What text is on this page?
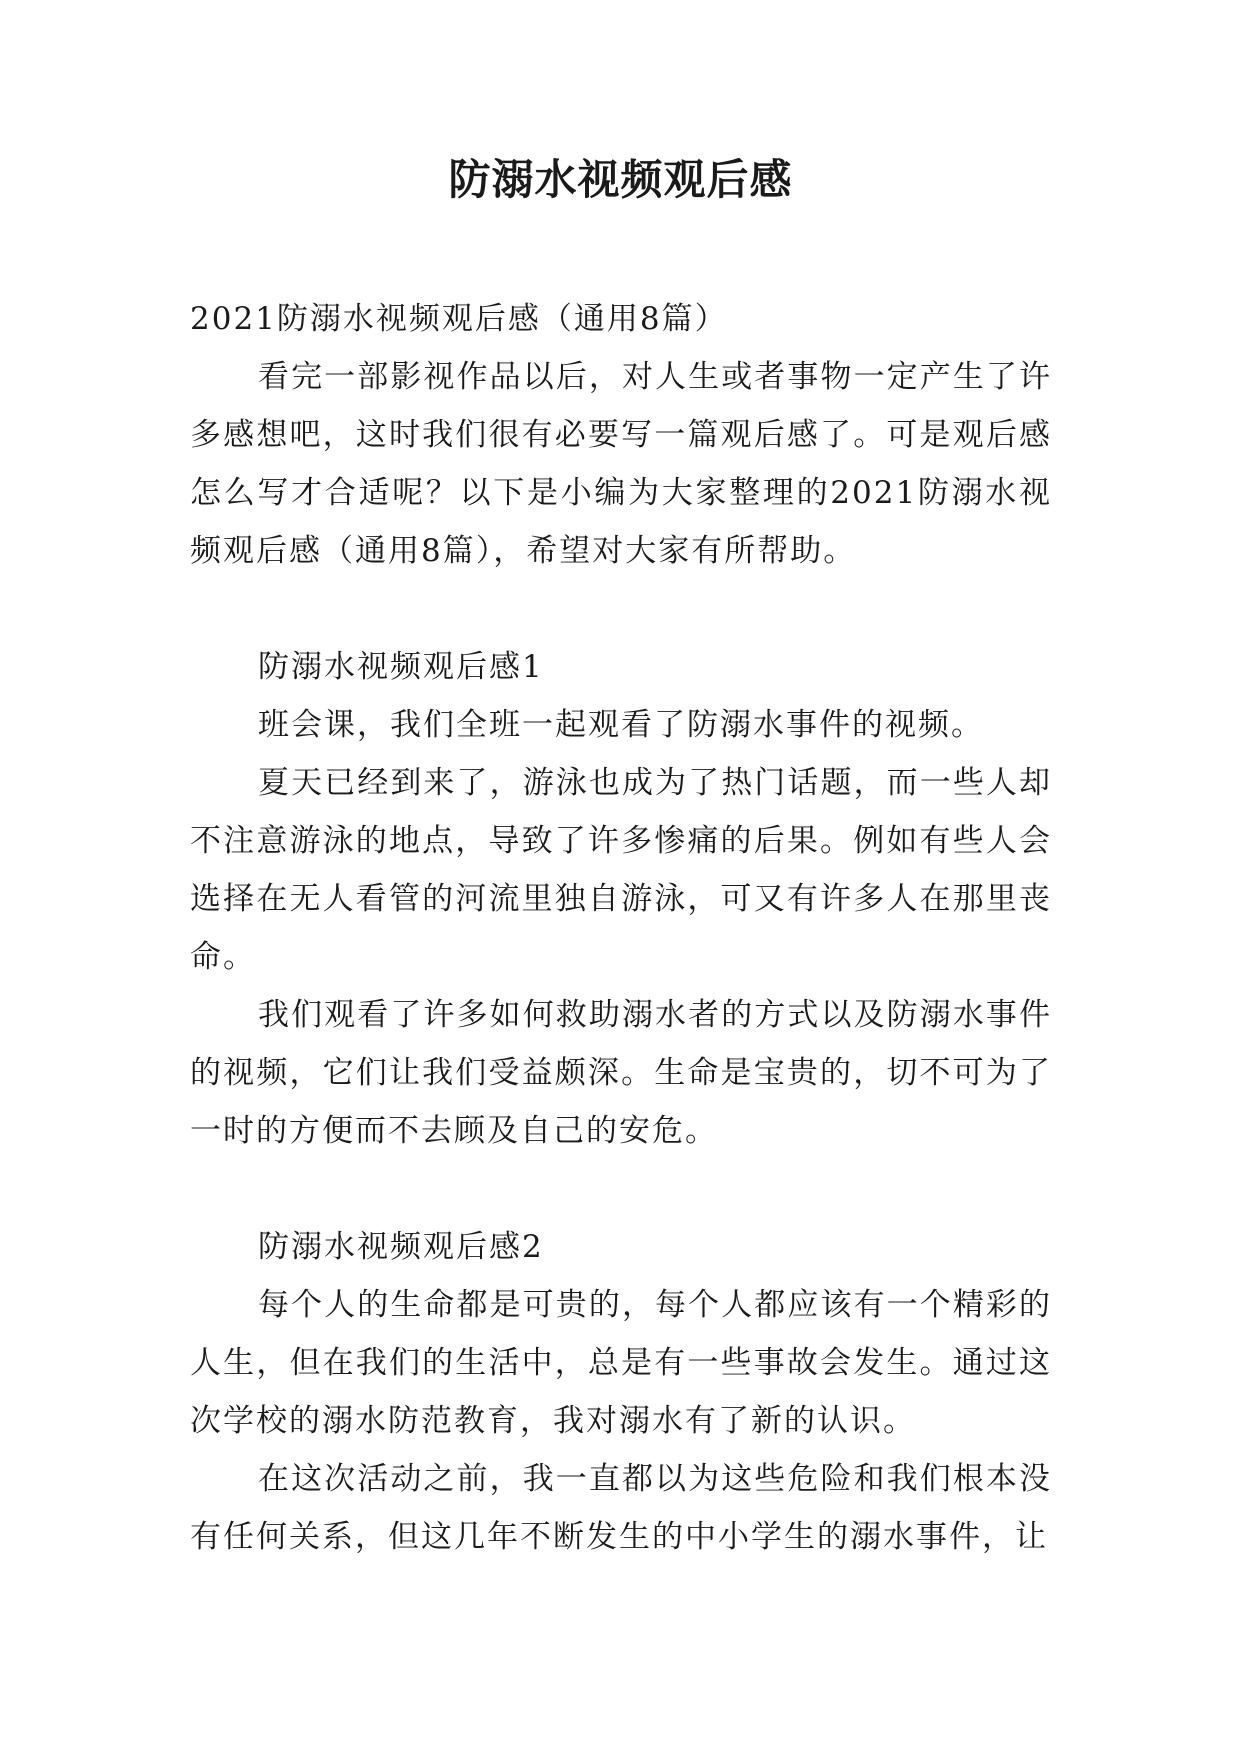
防溺水视频观后感

2021防溺水视频观后感（通用8篇）

看完一部影视作品以后，对人生或者事物一定产生了许多感想吧，这时我们很有必要写一篇观后感了。可是观后感怎么写才合适呢？以下是小编为大家整理的2021防溺水视频观后感（通用8篇），希望对大家有所帮助。

防溺水视频观后感1

班会课，我们全班一起观看了防溺水事件的视频。

夏天已经到来了，游泳也成为了热门话题，而一些人却不注意游泳的地点，导致了许多惨痛的后果。例如有些人会选择在无人看管的河流里独自游泳，可又有许多人在那里丧命。

我们观看了许多如何救助溺水者的方式以及防溺水事件的视频，它们让我们受益颇深。生命是宝贵的，切不可为了一时的方便而不去顾及自己的安危。

防溺水视频观后感2

每个人的生命都是可贵的，每个人都应该有一个精彩的人生，但在我们的生活中，总是有一些事故会发生。通过这次学校的溺水防范教育，我对溺水有了新的认识。

在这次活动之前，我一直都以为这些危险和我们根本没有任何关系，但这几年不断发生的中小学生的溺水事件，让
